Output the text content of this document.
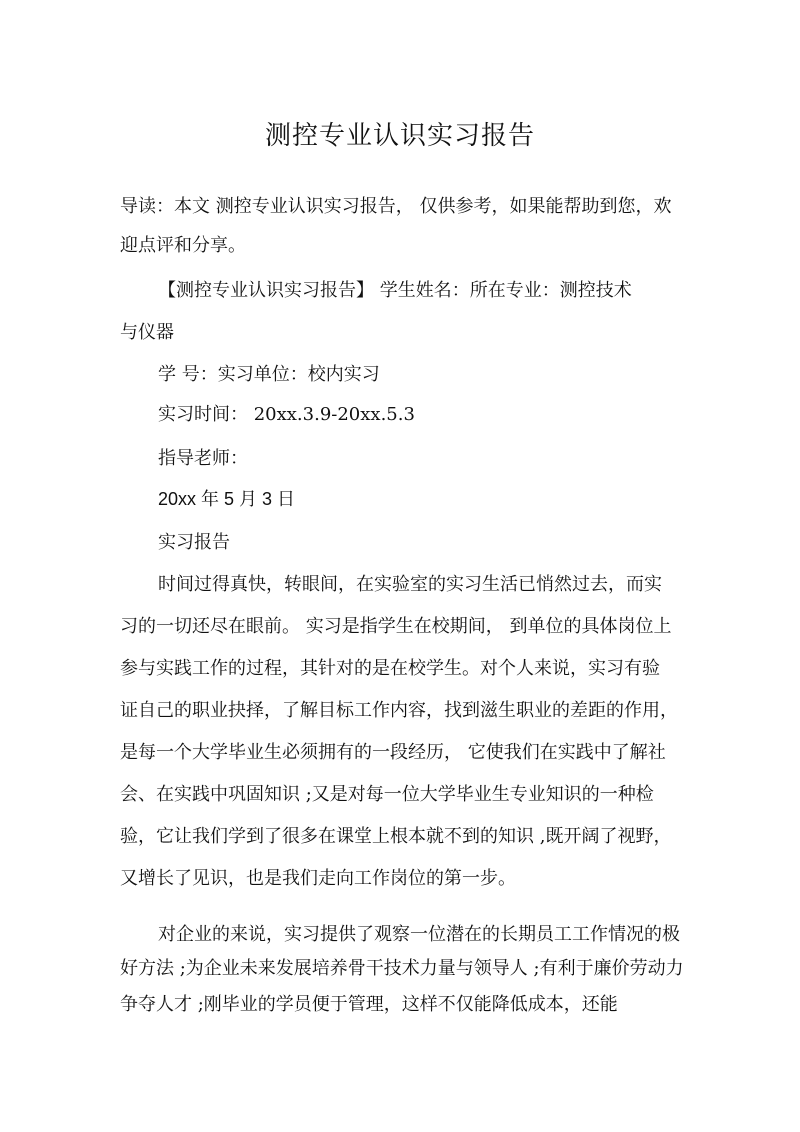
测控专业认识实习报告
导读：本文 测控专业认识实习报告， 仅供参考，如果能帮助到您，欢
迎点评和分享。
【测控专业认识实习报告】 学生姓名：所在专业：测控技术
与仪器
学 号：实习单位：校内实习
实习时间： 20xx.3.9-20xx.5.3
指导老师：
20xx 年 5 月 3 日
实习报告
时间过得真快，转眼间，在实验室的实习生活已悄然过去，而实
习的一切还尽在眼前。 实习是指学生在校期间， 到单位的具体岗位上
参与实践工作的过程，其针对的是在校学生。对个人来说，实习有验
证自己的职业抉择，了解目标工作内容，找到滋生职业的差距的作用，
是每一个大学毕业生必须拥有的一段经历， 它使我们在实践中了解社
会、在实践中巩固知识 ;又是对每一位大学毕业生专业知识的一种检
验，它让我们学到了很多在课堂上根本就不到的知识 ,既开阔了视野，
又增长了见识，也是我们走向工作岗位的第一步。
对企业的来说，实习提供了观察一位潜在的长期员工工作情况的极
好方法 ;为企业未来发展培养骨干技术力量与领导人 ;有利于廉价劳动力
争夺人才 ;刚毕业的学员便于管理，这样不仅能降低成本，还能
